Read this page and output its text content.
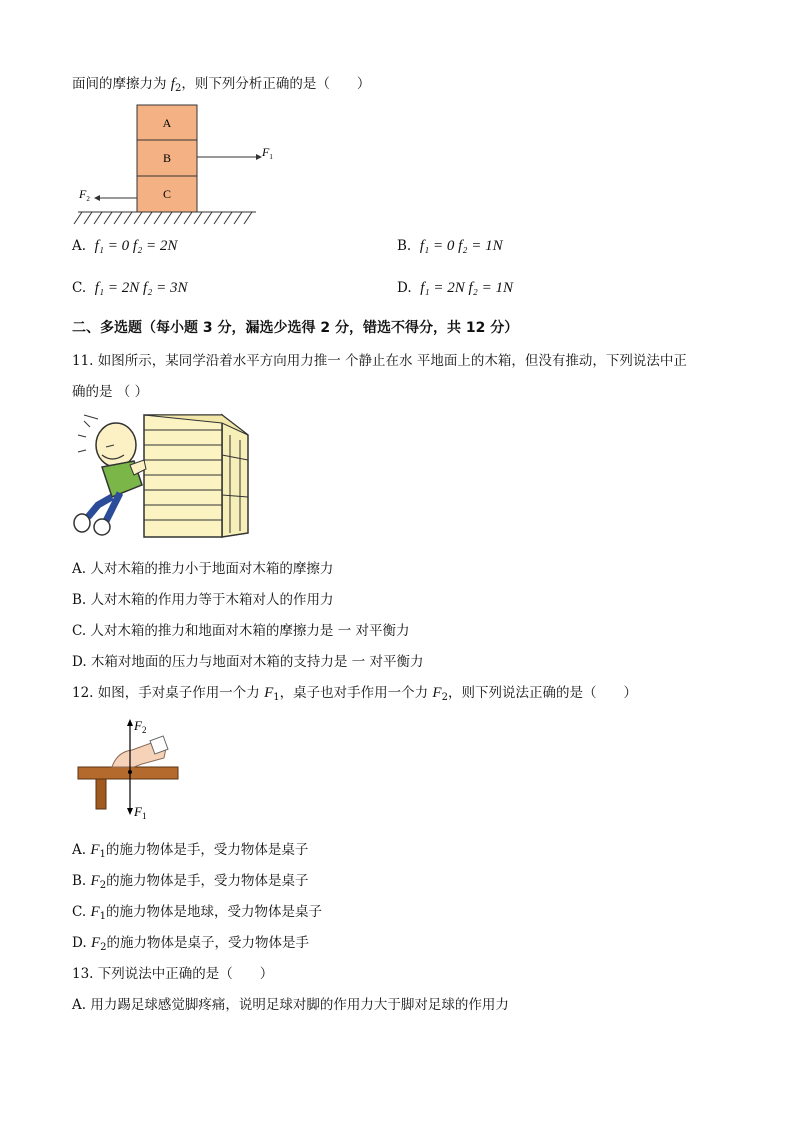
面间的摩擦力为 $f_2$，则下列分析正确的是（　　）
A
B
C
$F_1$
$F_2$
A. f₁ = 0 f₂ = 2N	B. f₁ = 0 f₂ = 1N
C. f₁ = 2N f₂ = 3N	D. f₁ = 2N f₂ = 1N
二、多选题（每小题 3 分，漏选少选得 2 分，错选不得分，共 12 分）
11. 如图所示，某同学沿着水平方向用力推一 个静止在水 平地面上的木箱，但没有推动，下列说法中正
确的是 （ ）
A. 人对木箱的推力小于地面对木箱的摩擦力
B. 人对木箱的作用力等于木箱对人的作用力
C. 人对木箱的推力和地面对木箱的摩擦力是 一 对平衡力
D. 木箱对地面的压力与地面对木箱的支持力是 一 对平衡力
12. 如图，手对桌子作用一个力 $F_1$，桌子也对手作用一个力 $F_2$，则下列说法正确的是（　　）
$F_2$
$F_1$
A. $F_1$的施力物体是手，受力物体是桌子
B. $F_2$的施力物体是手，受力物体是桌子
C. $F_1$的施力物体是地球，受力物体是桌子
D. $F_2$的施力物体是桌子，受力物体是手
13. 下列说法中正确的是（　　）
A. 用力踢足球感觉脚疼痛，说明足球对脚的作用力大于脚对足球的作用力
